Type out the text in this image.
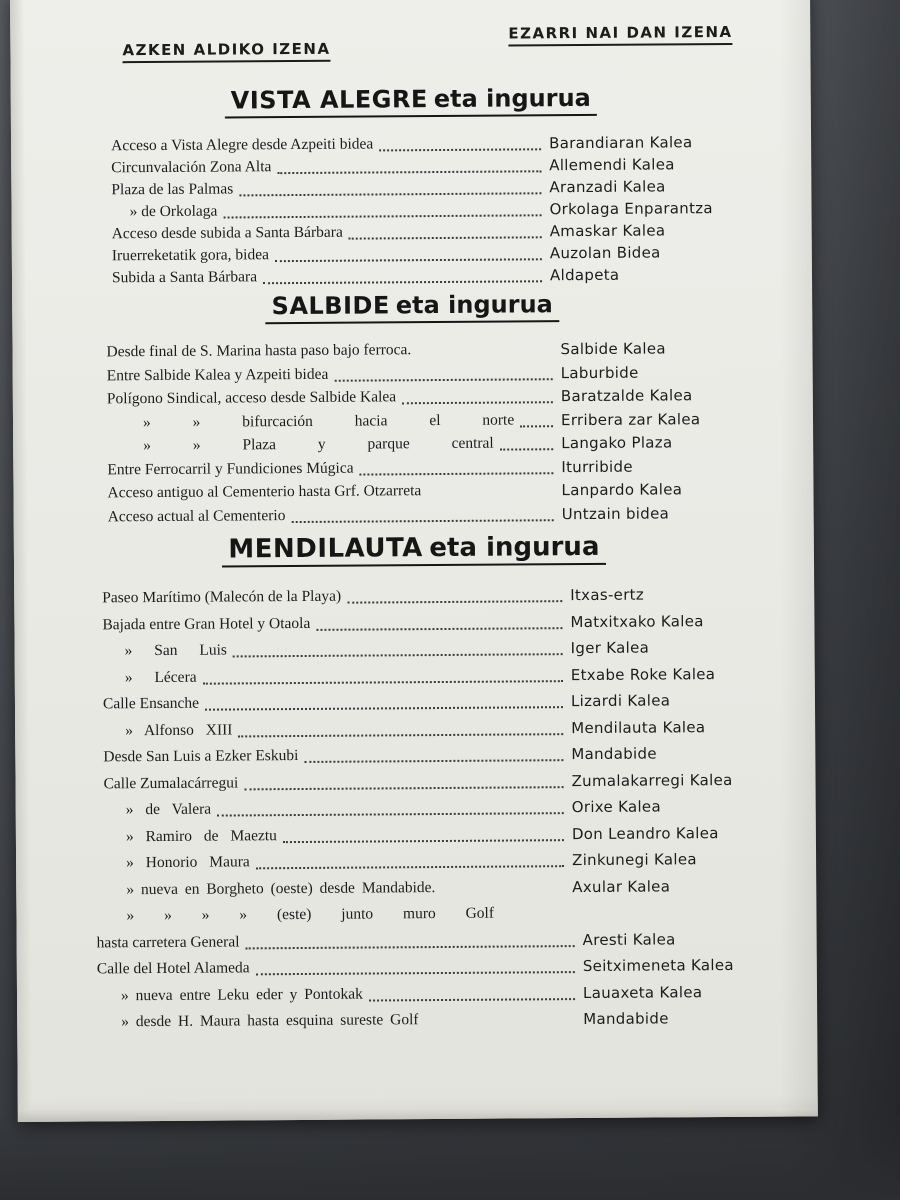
AZKEN ALDIKO IZENA
EZARRI NAI DAN IZENA
VISTA ALEGRE eta ingurua
Acceso a Vista Alegre desde Azpeiti bidea	Barandiaran Kalea
Circunvalación Zona Alta	Allemendi Kalea
Plaza de las Palmas	Aranzadi Kalea
» de Orkolaga	Orkolaga Enparantza
Acceso desde subida a Santa Bárbara	Amaskar Kalea
Iruerreketatik gora, bidea	Auzolan Bidea
Subida a Santa Bárbara	Aldapeta
SALBIDE eta ingurua
Desde final de S. Marina hasta paso bajo ferroca.	Salbide Kalea
Entre Salbide Kalea y Azpeiti bidea	Laburbide
Polígono Sindical, acceso desde Salbide Kalea	Baratzalde Kalea
» » bifurcación hacia el norte	Erribera zar Kalea
» » Plaza y parque central	Langako Plaza
Entre Ferrocarril y Fundiciones Múgica	Iturribide
Acceso antiguo al Cementerio hasta Grf. Otzarreta	Lanpardo Kalea
Acceso actual al Cementerio	Untzain bidea
MENDILAUTA eta ingurua
Paseo Marítimo (Malecón de la Playa)	Itxas-ertz
Bajada entre Gran Hotel y Otaola	Matxitxako Kalea
» San Luis	Iger Kalea
» Lécera	Etxabe Roke Kalea
Calle Ensanche	Lizardi Kalea
» Alfonso XIII	Mendilauta Kalea
Desde San Luis a Ezker Eskubi	Mandabide
Calle Zumalacárregui	Zumalakarregi Kalea
» de Valera	Orixe Kalea
» Ramiro de Maeztu	Don Leandro Kalea
» Honorio Maura	Zinkunegi Kalea
» nueva en Borgheto (oeste) desde Mandabide.	Axular Kalea
» » » » (este) junto muro Golf
hasta carretera General	Aresti Kalea
Calle del Hotel Alameda	Seitximeneta Kalea
» nueva entre Leku eder y Pontokak	Lauaxeta Kalea
» desde H. Maura hasta esquina sureste Golf	Mandabide
